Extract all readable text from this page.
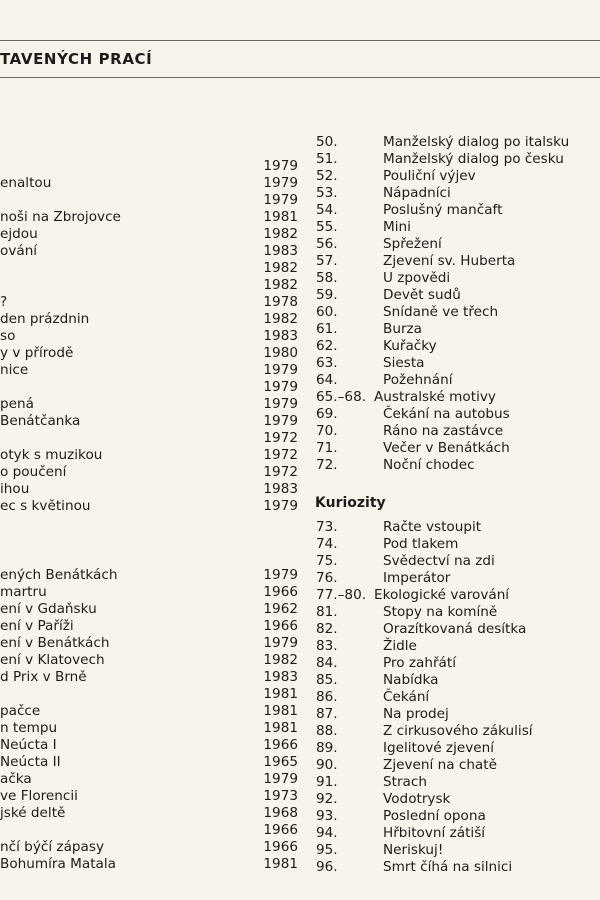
TAVENÝCH PRACÍ
1979
enaltou	1979
1979
noši na Zbrojovce	1981
ejdou	1982
ování	1983
1982
1982
?	1978
den prázdnin	1982
so	1983
y v přírodě	1980
nice	1979
1979
pená	1979
Benátčanka	1979
1972
otyk s muzikou	1972
o poučení	1972
ihou	1983
ec s květinou	1979
ených Benátkách	1979
martru	1966
ení v Gdaňsku	1962
ení v Paříži	1966
ení v Benátkách	1979
ení v Klatovech	1982
d Prix v Brně	1983
1981
pačce	1981
n tempu	1981
Neúcta I	1966
Neúcta II	1965
ačka	1979
ve Florencii	1973
jské deltě	1968
1966
nčí býčí zápasy	1966
Bohumíra Matala	1981
50.	Manželský dialog po italsku
51.	Manželský dialog po česku
52.	Pouliční výjev
53.	Nápadníci
54.	Poslušný mančaft
55.	Mini
56.	Spřežení
57.	Zjevení sv. Huberta
58.	U zpovědi
59.	Devět sudů
60.	Snídaně ve třech
61.	Burza
62.	Kuřačky
63.	Siesta
64.	Požehnání
65.–68. Australské motivy
69.	Čekání na autobus
70.	Ráno na zastávce
71.	Večer v Benátkách
72.	Noční chodec
Kuriozity
73.	Račte vstoupit
74.	Pod tlakem
75.	Svědectví na zdi
76.	Imperátor
77.–80. Ekologické varování
81.	Stopy na komíně
82.	Orazítkovaná desítka
83.	Židle
84.	Pro zahřátí
85.	Nabídka
86.	Čekání
87.	Na prodej
88.	Z cirkusového zákulisí
89.	Igelitové zjevení
90.	Zjevení na chatě
91.	Strach
92.	Vodotrysk
93.	Poslední opona
94.	Hřbitovní zátiší
95.	Neriskuj!
96.	Smrt číhá na silnici
